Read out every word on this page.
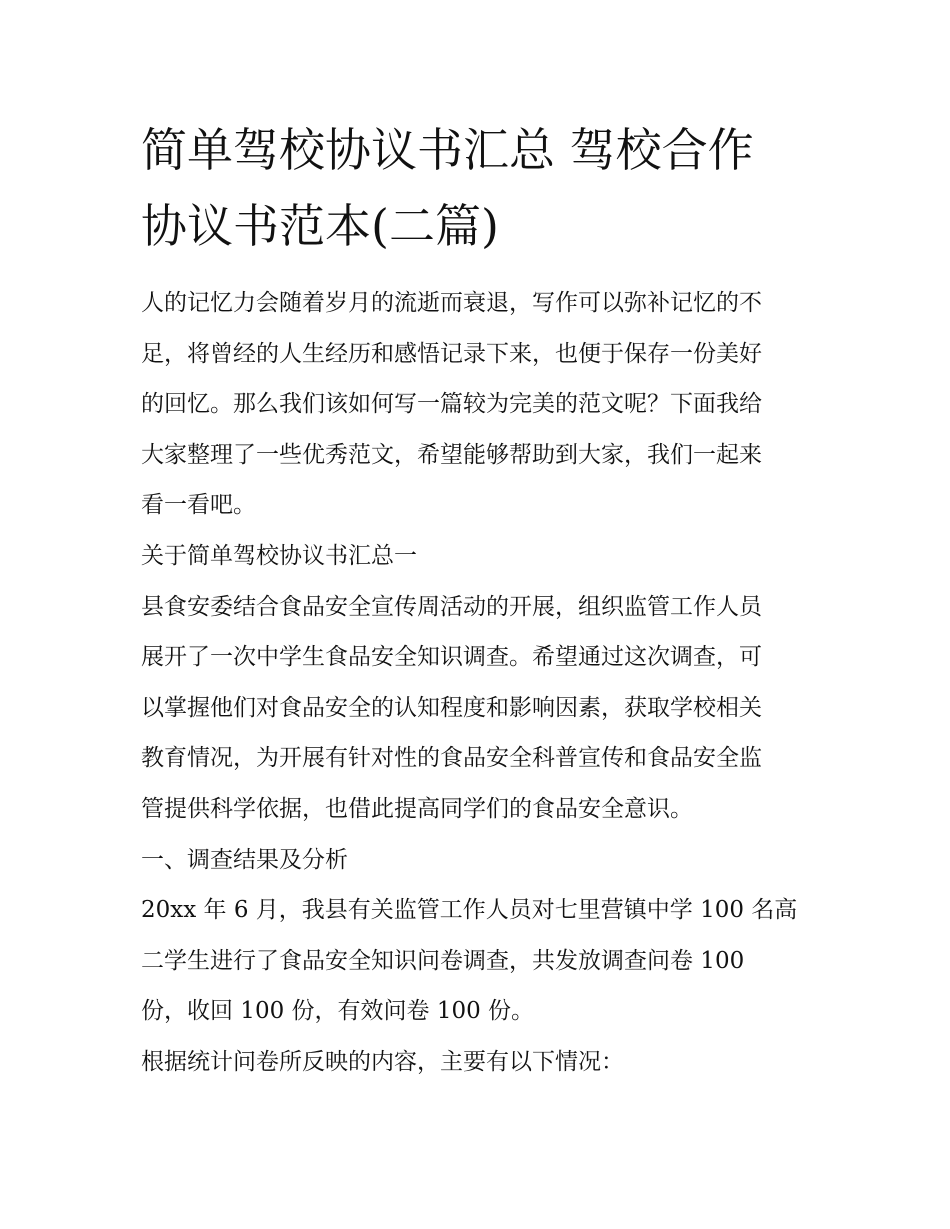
简单驾校协议书汇总 驾校合作
协议书范本(二篇)

人的记忆力会随着岁月的流逝而衰退，写作可以弥补记忆的不
足，将曾经的人生经历和感悟记录下来，也便于保存一份美好
的回忆。那么我们该如何写一篇较为完美的范文呢？下面我给
大家整理了一些优秀范文，希望能够帮助到大家，我们一起来
看一看吧。

关于简单驾校协议书汇总一

县食安委结合食品安全宣传周活动的开展，组织监管工作人员
展开了一次中学生食品安全知识调查。希望通过这次调查，可
以掌握他们对食品安全的认知程度和影响因素，获取学校相关
教育情况，为开展有针对性的食品安全科普宣传和食品安全监
管提供科学依据，也借此提高同学们的食品安全意识。

一、调查结果及分析

20xx 年 6 月，我县有关监管工作人员对七里营镇中学 100 名高
二学生进行了食品安全知识问卷调查，共发放调查问卷 100
份，收回 100 份，有效问卷 100 份。

根据统计问卷所反映的内容，主要有以下情况：
